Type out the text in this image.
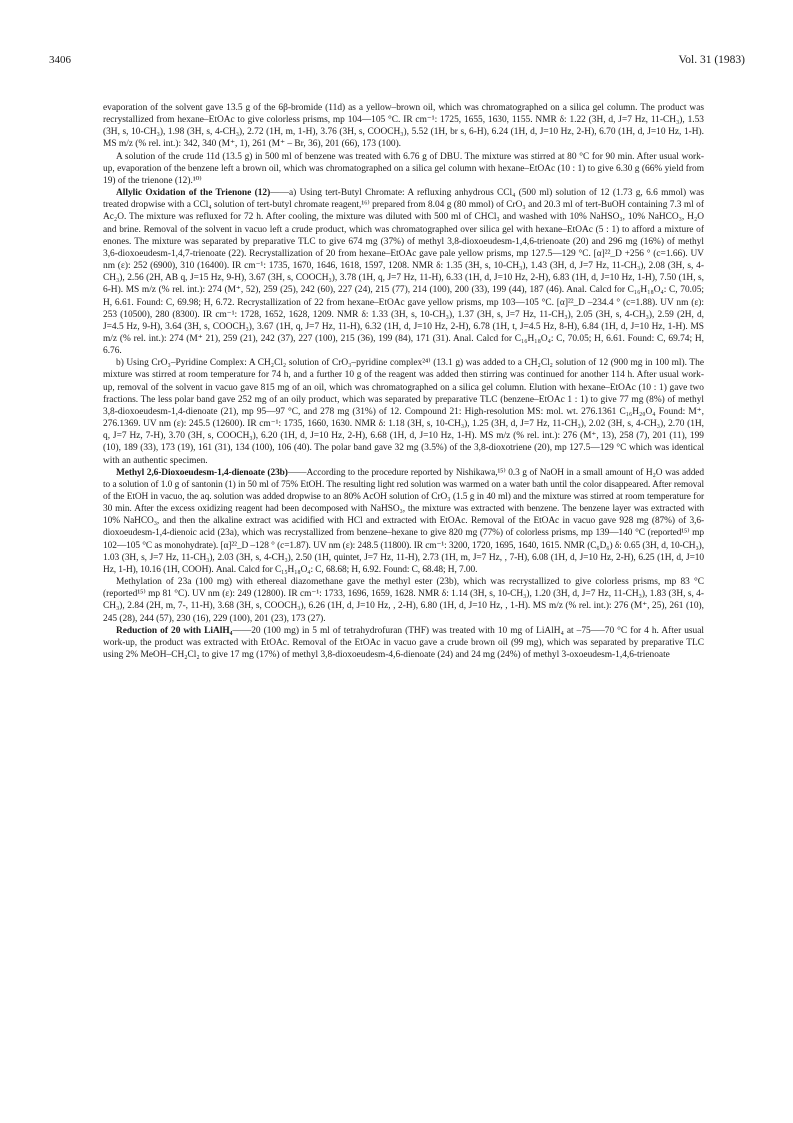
3406	Vol. 31 (1983)

evaporation of the solvent gave 13.5 g of the 6β-bromide (11d) as a yellow–brown oil, which was chromatographed on a silica gel column. The product was recrystallized from hexane–EtOAc to give colorless prisms, mp 104—105 °C. IR cm⁻¹: 1725, 1655, 1630, 1155. NMR δ: 1.22 (3H, d, J=7 Hz, 11-CH₃), 1.53 (3H, s, 10-CH₃), 1.98 (3H, s, 4-CH₃), 2.72 (1H, m, 1-H), 3.76 (3H, s, COOCH₃), 5.52 (1H, br s, 6-H), 6.24 (1H, d, J=10 Hz, 2-H), 6.70 (1H, d, J=10 Hz, 1-H). MS m/z (% rel. int.): 342, 340 (M⁺, 1), 261 (M⁺ – Br, 36), 201 (66), 173 (100).

A solution of the crude 11d (13.5 g) in 500 ml of benzene was treated with 6.76 g of DBU. The mixture was stirred at 80 °C for 90 min. After usual work-up, evaporation of the benzene left a brown oil, which was chromatographed on a silica gel column with hexane–EtOAc (10 : 1) to give 6.30 g (66% yield from 19) of the trienone (12).¹⁰⁾

Allylic Oxidation of the Trienone (12)——a) Using tert-Butyl Chromate: A refluxing anhydrous CCl₄ (500 ml) solution of 12 (1.73 g, 6.6 mmol) was treated dropwise with a CCl₄ solution of tert-butyl chromate reagent,¹⁶⁾ prepared from 8.04 g (80 mmol) of CrO₃ and 20.3 ml of tert-BuOH containing 7.3 ml of Ac₂O. The mixture was refluxed for 72 h. After cooling, the mixture was diluted with 500 ml of CHCl₃ and washed with 10% NaHSO₃, 10% NaHCO₃, H₂O and brine. Removal of the solvent in vacuo left a crude product, which was chromatographed over silica gel with hexane–EtOAc (5 : 1) to afford a mixture of enones. The mixture was separated by preparative TLC to give 674 mg (37%) of methyl 3,8-dioxoeudesm-1,4,6-trienoate (20) and 296 mg (16%) of methyl 3,6-dioxoeudesm-1,4,7-trienoate (22). Recrystallization of 20 from hexane–EtOAc gave pale yellow prisms, mp 127.5—129 °C. [α]²²_D +256 ° (c=1.66). UV nm (ε): 252 (6900), 310 (16400). IR cm⁻¹: 1735, 1670, 1646, 1618, 1597, 1208. NMR δ: 1.35 (3H, s, 10-CH₃), 1.43 (3H, d, J=7 Hz, 11-CH₃), 2.08 (3H, s, 4-CH₃), 2.56 (2H, AB q, J=15 Hz, 9-H), 3.67 (3H, s, COOCH₃), 3.78 (1H, q, J=7 Hz, 11-H), 6.33 (1H, d, J=10 Hz, 2-H), 6.83 (1H, d, J=10 Hz, 1-H), 7.50 (1H, s, 6-H). MS m/z (% rel. int.): 274 (M⁺, 52), 259 (25), 242 (60), 227 (24), 215 (77), 214 (100), 200 (33), 199 (44), 187 (46). Anal. Calcd for C₁₆H₁₈O₄: C, 70.05; H, 6.61. Found: C, 69.98; H, 6.72. Recrystallization of 22 from hexane–EtOAc gave yellow prisms, mp 103—105 °C. [α]²²_D –234.4 ° (c=1.88). UV nm (ε): 253 (10500), 280 (8300). IR cm⁻¹: 1728, 1652, 1628, 1209. NMR δ: 1.33 (3H, s, 10-CH₃), 1.37 (3H, s, J=7 Hz, 11-CH₃), 2.05 (3H, s, 4-CH₃), 2.59 (2H, d, J=4.5 Hz, 9-H), 3.64 (3H, s, COOCH₃), 3.67 (1H, q, J=7 Hz, 11-H), 6.32 (1H, d, J=10 Hz, 2-H), 6.78 (1H, t, J=4.5 Hz, 8-H), 6.84 (1H, d, J=10 Hz, 1-H). MS m/z (% rel. int.): 274 (M⁺ 21), 259 (21), 242 (37), 227 (100), 215 (36), 199 (84), 171 (31). Anal. Calcd for C₁₆H₁₈O₄: C, 70.05; H, 6.61. Found: C, 69.74; H, 6.76.

b) Using CrO₃–Pyridine Complex: A CH₂Cl₂ solution of CrO₃–pyridine complex²⁴⁾ (13.1 g) was added to a CH₂Cl₂ solution of 12 (900 mg in 100 ml). The mixture was stirred at room temperature for 74 h, and a further 10 g of the reagent was added then stirring was continued for another 114 h. After usual work-up, removal of the solvent in vacuo gave 815 mg of an oil, which was chromatographed on a silica gel column. Elution with hexane–EtOAc (10 : 1) gave two fractions. The less polar band gave 252 mg of an oily product, which was separated by preparative TLC (benzene–EtOAc 1 : 1) to give 77 mg (8%) of methyl 3,8-dioxoeudesm-1,4-dienoate (21), mp 95—97 °C, and 278 mg (31%) of 12. Compound 21: High-resolution MS: mol. wt. 276.1361 C₁₆H₂₀O₄ Found: M⁺, 276.1369. UV nm (ε): 245.5 (12600). IR cm⁻¹: 1735, 1660, 1630. NMR δ: 1.18 (3H, s, 10-CH₃), 1.25 (3H, d, J=7 Hz, 11-CH₃), 2.02 (3H, s, 4-CH₃), 2.70 (1H, q, J=7 Hz, 7-H), 3.70 (3H, s, COOCH₃), 6.20 (1H, d, J=10 Hz, 2-H), 6.68 (1H, d, J=10 Hz, 1-H). MS m/z (% rel. int.): 276 (M⁺, 13), 258 (7), 201 (11), 199 (10), 189 (33), 173 (19), 161 (31), 134 (100), 106 (40). The polar band gave 32 mg (3.5%) of the 3,8-dioxotriene (20), mp 127.5—129 °C which was identical with an authentic specimen.

Methyl 2,6-Dioxoeudesm-1,4-dienoate (23b)——According to the procedure reported by Nishikawa,¹⁵⁾ 0.3 g of NaOH in a small amount of H₂O was added to a solution of 1.0 g of santonin (1) in 50 ml of 75% EtOH. The resulting light red solution was warmed on a water bath until the color disappeared. After removal of the EtOH in vacuo, the aq. solution was added dropwise to an 80% AcOH solution of CrO₃ (1.5 g in 40 ml) and the mixture was stirred at room temperature for 30 min. After the excess oxidizing reagent had been decomposed with NaHSO₃, the mixture was extracted with benzene. The benzene layer was extracted with 10% NaHCO₃, and then the alkaline extract was acidified with HCl and extracted with EtOAc. Removal of the EtOAc in vacuo gave 928 mg (87%) of 3,6-dioxoeudesm-1,4-dienoic acid (23a), which was recrystallized from benzene–hexane to give 820 mg (77%) of colorless prisms, mp 139—140 °C (reported¹⁵⁾ mp 102—105 °C as monohydrate). [α]²²_D –128 ° (c=1.87). UV nm (ε): 248.5 (11800). IR cm⁻¹: 3200, 1720, 1695, 1640, 1615. NMR (C₆D₆) δ: 0.65 (3H, d, 10-CH₃), 1.03 (3H, s, J=7 Hz, 11-CH₃), 2.03 (3H, s, 4-CH₃), 2.50 (1H, quintet, J=7 Hz, 11-H), 2.73 (1H, m, J=7 Hz, , 7-H), 6.08 (1H, d, J=10 Hz, 2-H), 6.25 (1H, d, J=10 Hz, 1-H), 10.16 (1H, COOH). Anal. Calcd for C₁₅H₁₈O₄: C, 68.68; H, 6.92. Found: C, 68.48; H, 7.00.

Methylation of 23a (100 mg) with ethereal diazomethane gave the methyl ester (23b), which was recrystallized to give colorless prisms, mp 83 °C (reported¹⁵⁾ mp 81 °C). UV nm (ε): 249 (12800). IR cm⁻¹: 1733, 1696, 1659, 1628. NMR δ: 1.14 (3H, s, 10-CH₃), 1.20 (3H, d, J=7 Hz, 11-CH₃), 1.83 (3H, s, 4-CH₃), 2.84 (2H, m, 7-, 11-H), 3.68 (3H, s, COOCH₃), 6.26 (1H, d, J=10 Hz, , 2-H), 6.80 (1H, d, J=10 Hz, , 1-H). MS m/z (% rel. int.): 276 (M⁺, 25), 261 (10), 245 (28), 244 (57), 230 (16), 229 (100), 201 (23), 173 (27).

Reduction of 20 with LiAlH₄——20 (100 mg) in 5 ml of tetrahydrofuran (THF) was treated with 10 mg of LiAlH₄ at –75—–70 °C for 4 h. After usual work-up, the product was extracted with EtOAc. Removal of the EtOAc in vacuo gave a crude brown oil (99 mg), which was separated by preparative TLC using 2% MeOH–CH₂Cl₂ to give 17 mg (17%) of methyl 3,8-dioxoeudesm-4,6-dienoate (24) and 24 mg (24%) of methyl 3-oxoeudesm-1,4,6-trienoate
